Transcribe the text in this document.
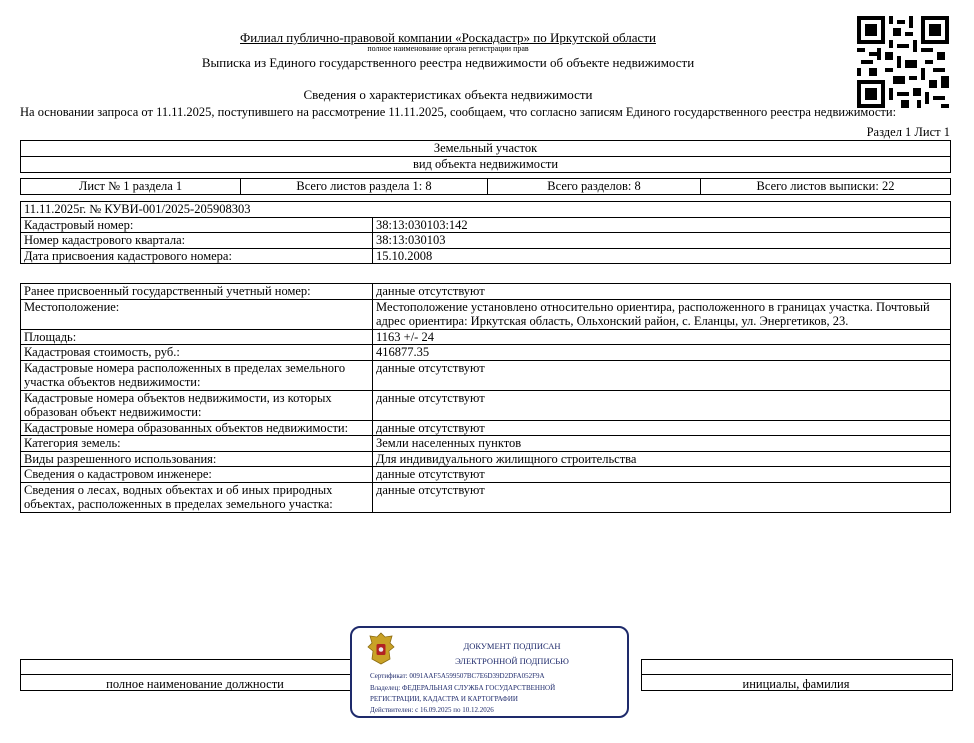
Филиал публично-правовой компании «Роскадастр» по Иркутской области
полное наименование органа регистрации прав
Выписка из Единого государственного реестра недвижимости об объекте недвижимости
Сведения о характеристиках объекта недвижимости
На основании запроса от 11.11.2025, поступившего на рассмотрение 11.11.2025, сообщаем, что согласно записям Единого государственного реестра недвижимости:
Раздел 1 Лист 1
Земельный участок
вид объекта недвижимости
Лист № 1 раздела 1	Всего листов раздела 1: 8	Всего разделов: 8	Всего листов выписки: 22
11.11.2025г. № КУВИ-001/2025-205908303	
Кадастровый номер:	38:13:030103:142
Номер кадастрового квартала:	38:13:030103
Дата присвоения кадастрового номера:	15.10.2008
Ранее присвоенный государственный учетный номер:	данные отсутствуют
Местоположение:	Местоположение установлено относительно ориентира, расположенного в границах участка. Почтовый адрес ориентира: Иркутская область, Ольхонский район, с. Еланцы, ул. Энергетиков, 23.
Площадь:	1163 +/- 24
Кадастровая стоимость, руб.:	416877.35
Кадастровые номера расположенных в пределах земельного участка объектов недвижимости:	данные отсутствуют
Кадастровые номера объектов недвижимости, из которых образован объект недвижимости:	данные отсутствуют
Кадастровые номера образованных объектов недвижимости:	данные отсутствуют
Категория земель:	Земли населенных пунктов
Виды разрешенного использования:	Для индивидуального жилищного строительства
Сведения о кадастровом инженере:	данные отсутствуют
Сведения о лесах, водных объектах и об иных природных объектах, расположенных в пределах земельного участка:	данные отсутствуют
полное наименование должности	инициалы, фамилия
ДОКУМЕНТ ПОДПИСАН
ЭЛЕКТРОННОЙ ПОДПИСЬЮ
Сертификат: 0091AAF5A599507BC7E6D39D2DFA052F9A
Владелец: ФЕДЕРАЛЬНАЯ СЛУЖБА ГОСУДАРСТВЕННОЙ
РЕГИСТРАЦИИ, КАДАСТРА И КАРТОГРАФИИ
Действителен: с 16.09.2025 по 10.12.2026
